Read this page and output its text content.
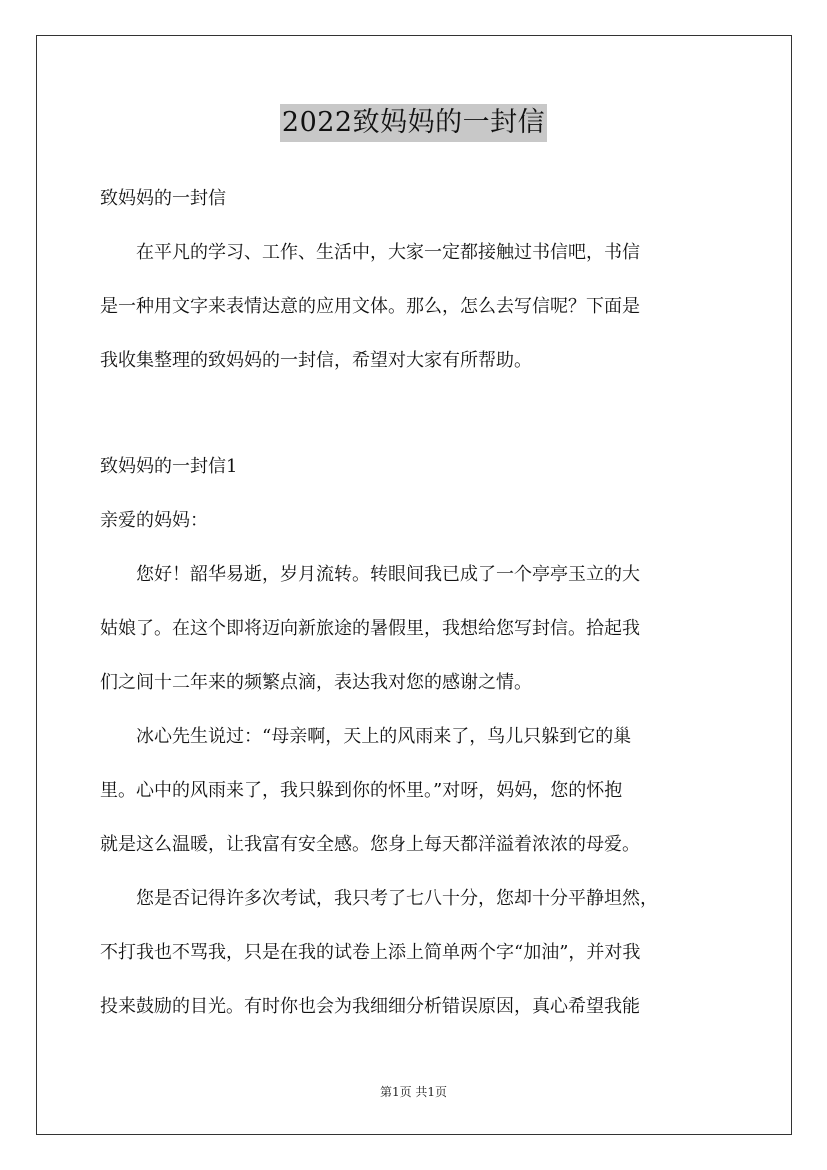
2022致妈妈的一封信

致妈妈的一封信

在平凡的学习、工作、生活中，大家一定都接触过书信吧，书信

是一种用文字来表情达意的应用文体。那么，怎么去写信呢？下面是

我收集整理的致妈妈的一封信，希望对大家有所帮助。

致妈妈的一封信1

亲爱的妈妈：

您好！韶华易逝，岁月流转。转眼间我已成了一个亭亭玉立的大

姑娘了。在这个即将迈向新旅途的暑假里，我想给您写封信。拾起我

们之间十二年来的频繁点滴，表达我对您的感谢之情。

冰心先生说过：“母亲啊，天上的风雨来了，鸟儿只躲到它的巢

里。心中的风雨来了，我只躲到你的怀里。”对呀，妈妈，您的怀抱

就是这么温暖，让我富有安全感。您身上每天都洋溢着浓浓的母爱。

您是否记得许多次考试，我只考了七八十分，您却十分平静坦然，

不打我也不骂我，只是在我的试卷上添上简单两个字“加油”，并对我

投来鼓励的目光。有时你也会为我细细分析错误原因，真心希望我能

第1页 共1页
